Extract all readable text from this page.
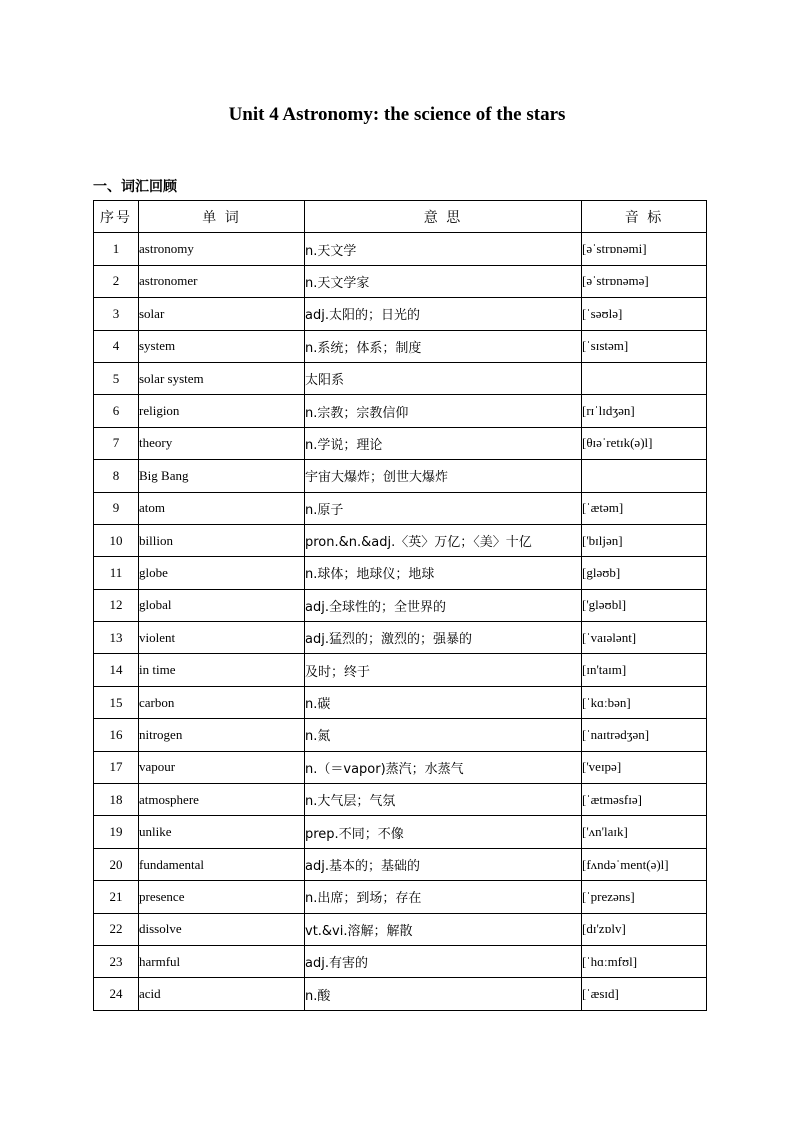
Unit 4 Astronomy: the science of the stars
一、词汇回顾
序号	单 词	意 思	音 标
1	astronomy	n.天文学	[əˈstrɒnəmi]
2	astronomer	n.天文学家	[əˈstrɒnəmə]
3	solar	adj.太阳的；日光的	[ˈsəʊlə]
4	system	n.系统；体系；制度	[ˈsɪstəm]
5	solar system	太阳系	
6	religion	n.宗教；宗教信仰	[rɪˈlɪdʒən]
7	theory	n.学说；理论	[θɪəˈretɪk(ə)l]
8	Big Bang	宇宙大爆炸；创世大爆炸	
9	atom	n.原子	[ˈætəm]
10	billion	pron.&n.&adj.〈英〉万亿；〈美〉十亿	['bɪljən]
11	globe	n.球体；地球仪；地球	[gləʊb]
12	global	adj.全球性的；全世界的	['gləʊbl]
13	violent	adj.猛烈的；激烈的；强暴的	[ˈvaɪələnt]
14	in time	及时；终于	[ɪn'taɪm]
15	carbon	n.碳	[ˈkɑːbən]
16	nitrogen	n.氮	[ˈnaɪtrədʒən]
17	vapour	n.（＝vapor)蒸汽；水蒸气	['veɪpə]
18	atmosphere	n.大气层；气氛	[ˈætməsfɪə]
19	unlike	prep.不同；不像	['ʌn'laɪk]
20	fundamental	adj.基本的；基础的	[fʌndəˈment(ə)l]
21	presence	n.出席；到场；存在	[ˈprezəns]
22	dissolve	vt.&vi.溶解；解散	[dɪ'zɒlv]
23	harmful	adj.有害的	[ˈhɑːmfʊl]
24	acid	n.酸	[ˈæsɪd]
